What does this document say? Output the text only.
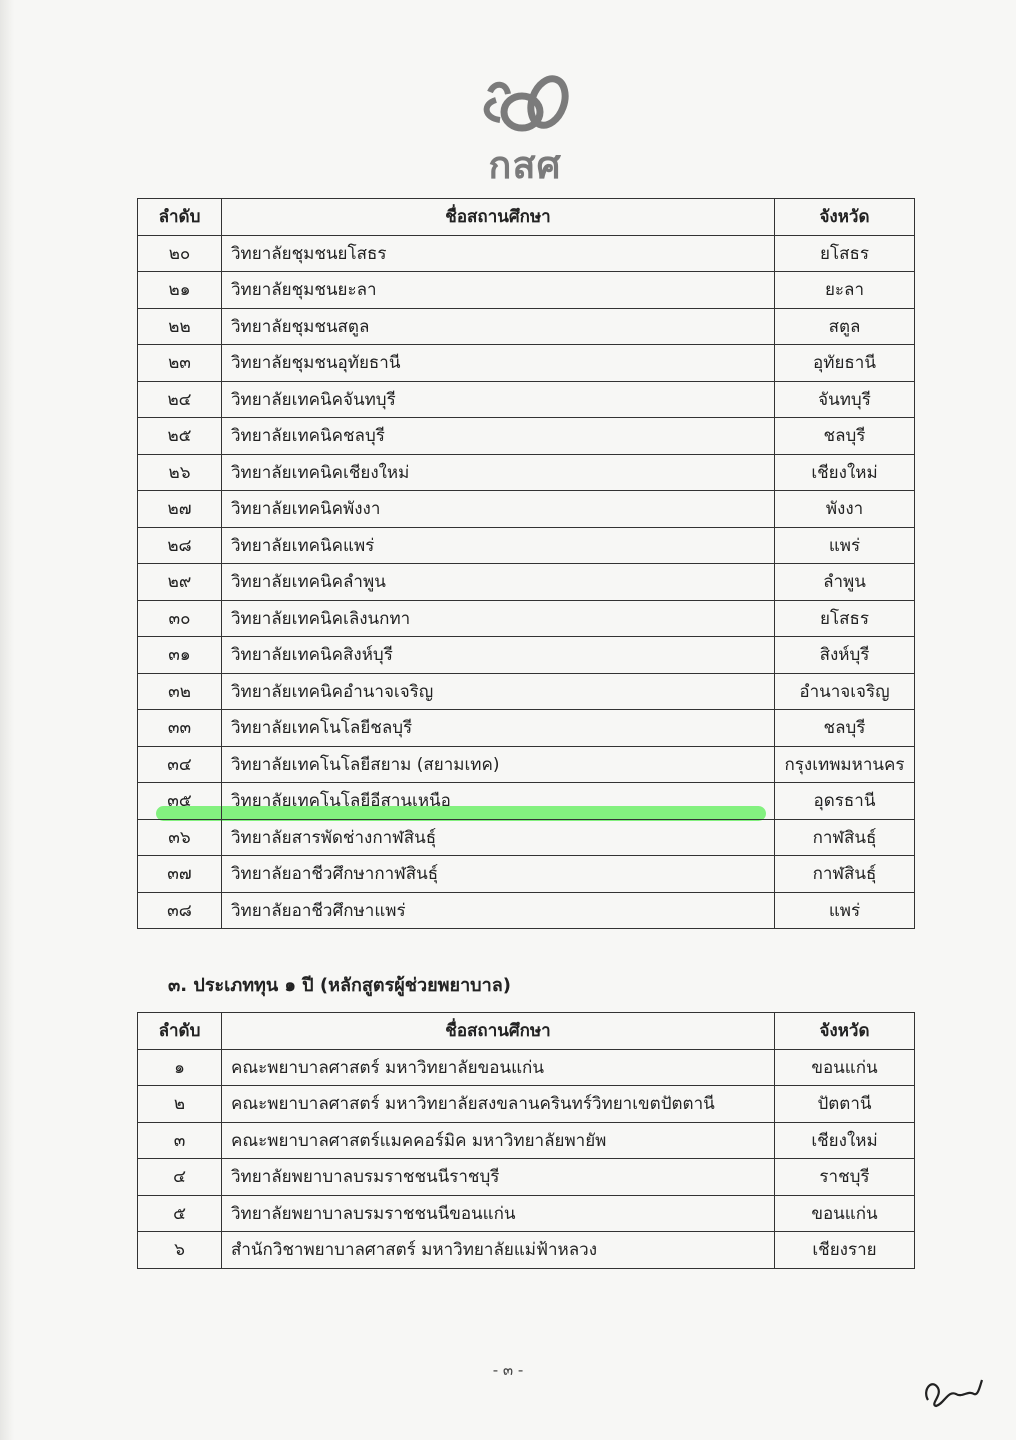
กสศ
ลำดับ	ชื่อสถานศึกษา	จังหวัด
๒๐	วิทยาลัยชุมชนยโสธร	ยโสธร
๒๑	วิทยาลัยชุมชนยะลา	ยะลา
๒๒	วิทยาลัยชุมชนสตูล	สตูล
๒๓	วิทยาลัยชุมชนอุทัยธานี	อุทัยธานี
๒๔	วิทยาลัยเทคนิคจันทบุรี	จันทบุรี
๒๕	วิทยาลัยเทคนิคชลบุรี	ชลบุรี
๒๖	วิทยาลัยเทคนิคเชียงใหม่	เชียงใหม่
๒๗	วิทยาลัยเทคนิคพังงา	พังงา
๒๘	วิทยาลัยเทคนิคแพร่	แพร่
๒๙	วิทยาลัยเทคนิคลำพูน	ลำพูน
๓๐	วิทยาลัยเทคนิคเลิงนกทา	ยโสธร
๓๑	วิทยาลัยเทคนิคสิงห์บุรี	สิงห์บุรี
๓๒	วิทยาลัยเทคนิคอำนาจเจริญ	อำนาจเจริญ
๓๓	วิทยาลัยเทคโนโลยีชลบุรี	ชลบุรี
๓๔	วิทยาลัยเทคโนโลยีสยาม (สยามเทค)	กรุงเทพมหานคร
๓๕	วิทยาลัยเทคโนโลยีอีสานเหนือ	อุดรธานี
๓๖	วิทยาลัยสารพัดช่างกาฬสินธุ์	กาฬสินธุ์
๓๗	วิทยาลัยอาชีวศึกษากาฬสินธุ์	กาฬสินธุ์
๓๘	วิทยาลัยอาชีวศึกษาแพร่	แพร่
๓. ประเภททุน ๑ ปี (หลักสูตรผู้ช่วยพยาบาล)
ลำดับ	ชื่อสถานศึกษา	จังหวัด
๑	คณะพยาบาลศาสตร์ มหาวิทยาลัยขอนแก่น	ขอนแก่น
๒	คณะพยาบาลศาสตร์ มหาวิทยาลัยสงขลานครินทร์วิทยาเขตปัตตานี	ปัตตานี
๓	คณะพยาบาลศาสตร์แมคคอร์มิค มหาวิทยาลัยพายัพ	เชียงใหม่
๔	วิทยาลัยพยาบาลบรมราชชนนีราชบุรี	ราชบุรี
๕	วิทยาลัยพยาบาลบรมราชชนนีขอนแก่น	ขอนแก่น
๖	สำนักวิชาพยาบาลศาสตร์ มหาวิทยาลัยแม่ฟ้าหลวง	เชียงราย
- ๓ -
